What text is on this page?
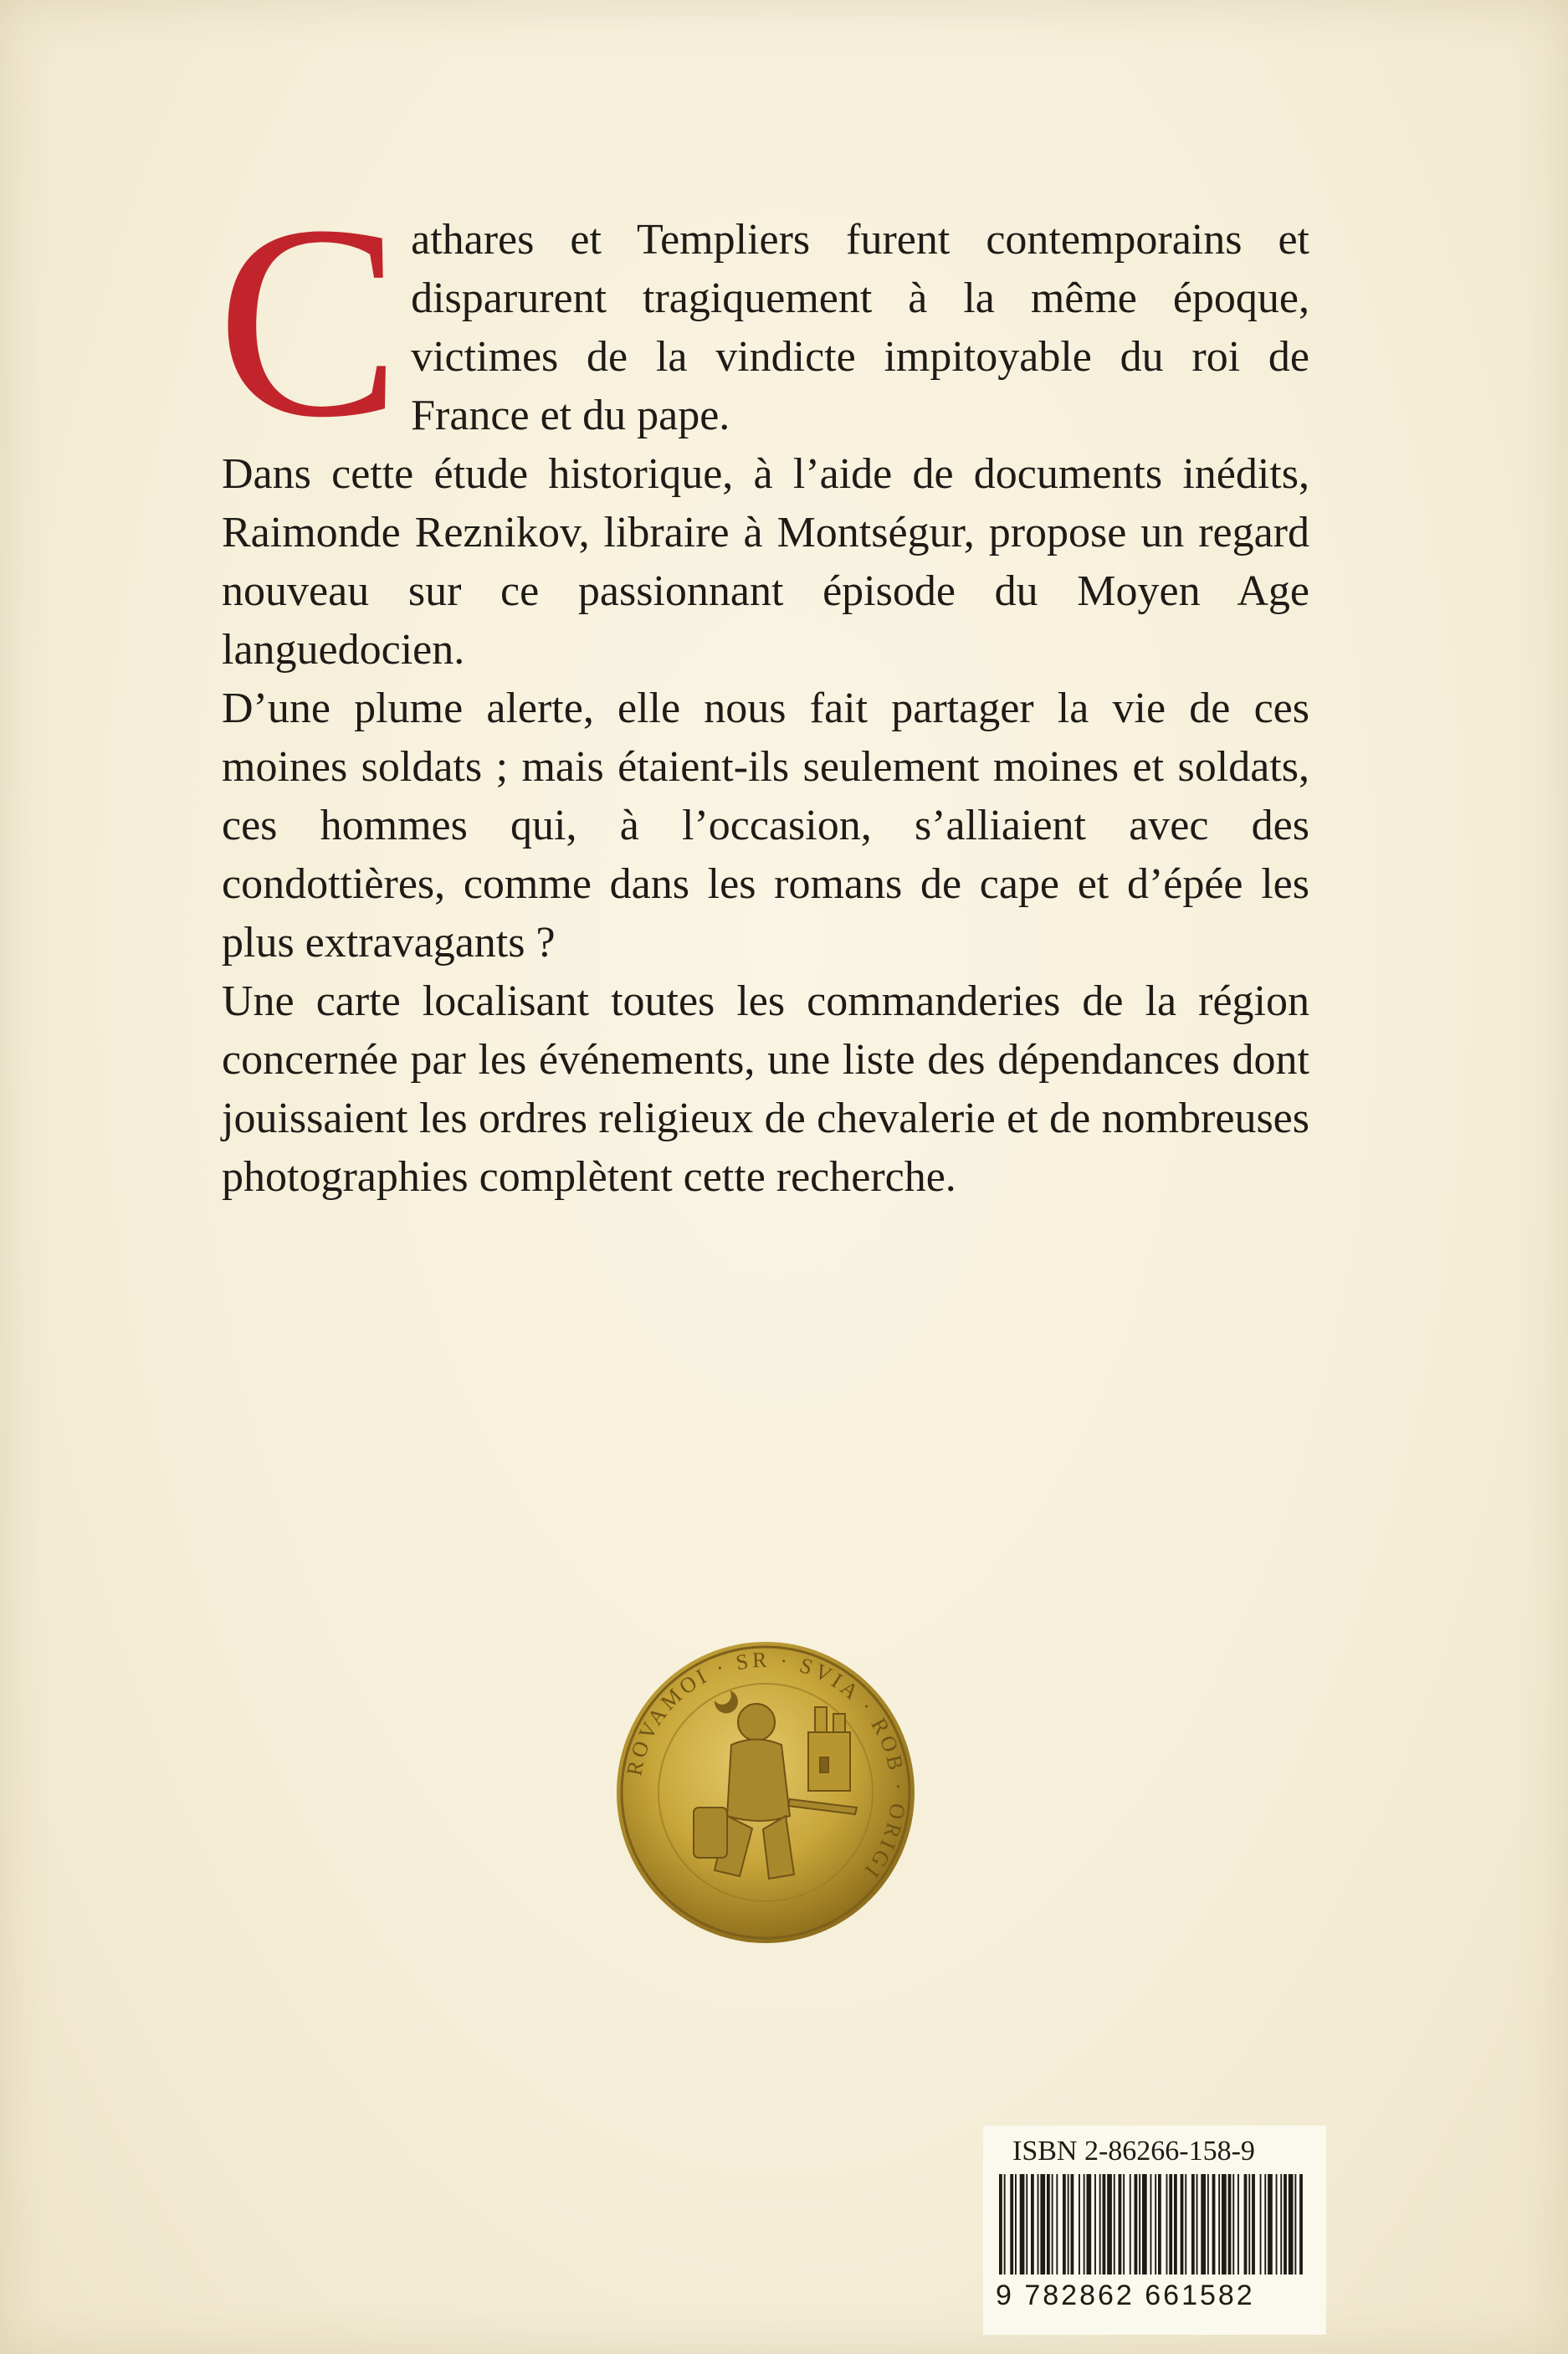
Cathares et Templiers furent contemporains et disparurent tragiquement à la même époque, victimes de la vindicte impitoyable du roi de France et du pape.

Dans cette étude historique, à l’aide de documents inédits, Raimonde Reznikov, libraire à Montségur, propose un regard nouveau sur ce passionnant épisode du Moyen Age languedocien.

D’une plume alerte, elle nous fait partager la vie de ces moines soldats ; mais étaient-ils seulement moines et soldats, ces hommes qui, à l’occasion, s’alliaient avec des condottières, comme dans les romans de cape et d’épée les plus extravagants ?

Une carte localisant toutes les commanderies de la région concernée par les événements, une liste des dépendances dont jouissaient les ordres religieux de chevalerie et de nombreuses photographies complètent cette recherche.

ROVAMOI · SR · SVIA · ROB · ORIGI
ISBN 2-86266-158-9
9 782862 661582
